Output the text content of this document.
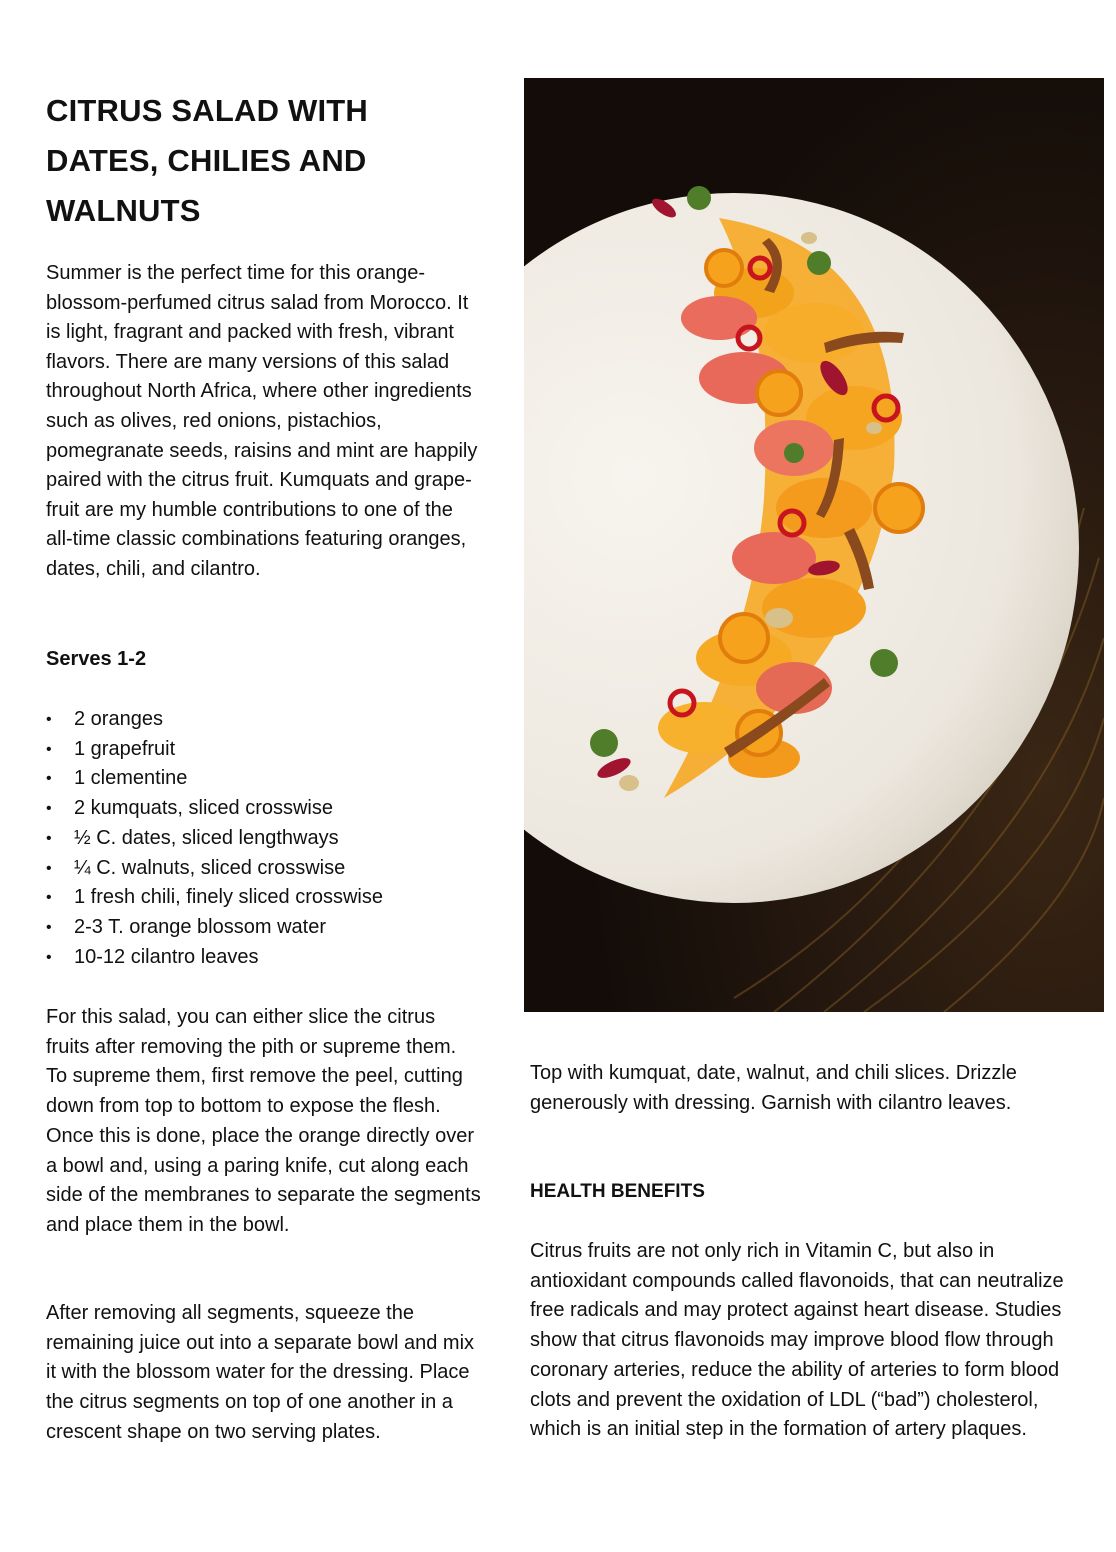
CITRUS SALAD WITH DATES, CHILIES AND WALNUTS

Summer is the perfect time for this orange-blossom-perfumed citrus salad from Morocco. It is light, fragrant and packed with fresh, vibrant flavors. There are many versions of this salad throughout North Africa, where other ingredients such as olives, red onions, pistachios, pomegranate seeds, raisins and mint are happily paired with the citrus fruit. Kumquats and grape-fruit are my humble contributions to one of the all-time classic combinations featuring oranges, dates, chili, and cilantro.

Serves 1-2

• 2 oranges
• 1 grapefruit
• 1 clementine
• 2 kumquats, sliced crosswise
• ½ C. dates, sliced lengthways
• ¼ C. walnuts, sliced crosswise
• 1 fresh chili, finely sliced crosswise
• 2-3 T. orange blossom water
• 10-12 cilantro leaves

For this salad, you can either slice the citrus fruits after removing the pith or supreme them. To supreme them, first remove the peel, cutting down from top to bottom to expose the flesh. Once this is done, place the orange directly over a bowl and, using a paring knife, cut along each side of the membranes to separate the segments and place them in the bowl.

After removing all segments, squeeze the remaining juice out into a separate bowl and mix it with the blossom water for the dressing. Place the citrus segments on top of one another in a crescent shape on two serving plates.

Top with kumquat, date, walnut, and chili slices. Drizzle generously with dressing. Garnish with cilantro leaves.

HEALTH BENEFITS

Citrus fruits are not only rich in Vitamin C, but also in antioxidant compounds called flavonoids, that can neutralize free radicals and may protect against heart disease. Studies show that citrus flavonoids may improve blood flow through coronary arteries, reduce the ability of arteries to form blood clots and prevent the oxidation of LDL (“bad”) cholesterol, which is an initial step in the formation of artery plaques.
